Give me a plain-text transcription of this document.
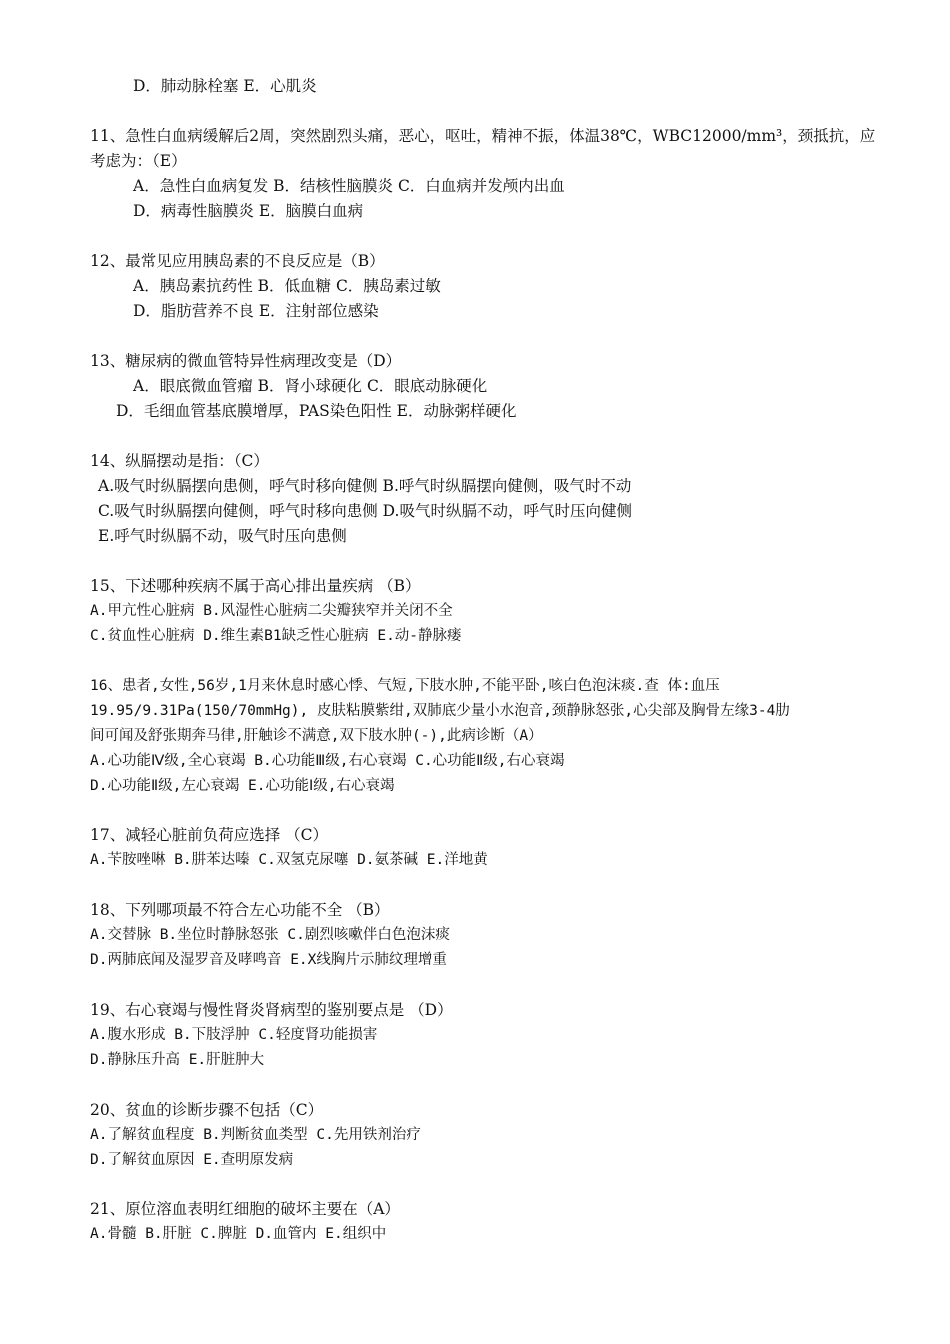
D．肺动脉栓塞 E．心肌炎
11、急性白血病缓解后2周，突然剧烈头痛，恶心，呕吐，精神不振，体温38℃，WBC12000/mm³，颈抵抗，应
考虑为：（E）
A．急性白血病复发 B．结核性脑膜炎 C．白血病并发颅内出血
D．病毒性脑膜炎 E．脑膜白血病
12、最常见应用胰岛素的不良反应是（B）
A．胰岛素抗药性 B．低血糖 C．胰岛素过敏
D．脂肪营养不良 E．注射部位感染
13、糖尿病的微血管特异性病理改变是（D）
A．眼底微血管瘤 B．肾小球硬化 C．眼底动脉硬化
D．毛细血管基底膜增厚，PAS染色阳性 E．动脉粥样硬化
14、纵膈摆动是指：（C）
A.吸气时纵膈摆向患侧，呼气时移向健侧 B.呼气时纵膈摆向健侧，吸气时不动
C.吸气时纵膈摆向健侧，呼气时移向患侧 D.吸气时纵膈不动，呼气时压向健侧
E.呼气时纵膈不动，吸气时压向患侧
15、下述哪种疾病不属于高心排出量疾病 （B）
A.甲亢性心脏病 B.风湿性心脏病二尖瓣狭窄并关闭不全
C.贫血性心脏病 D.维生素B1缺乏性心脏病 E.动-静脉瘘
16、患者,女性,56岁,1月来休息时感心悸、气短,下肢水肿,不能平卧,咳白色泡沫痰.查 体:血压
19.95/9.31Pa(150/70mmHg), 皮肤粘膜紫绀,双肺底少量小水泡音,颈静脉怒张,心尖部及胸骨左缘3-4肋
间可闻及舒张期奔马律,肝触诊不满意,双下肢水肿(-),此病诊断（A）
A.心功能Ⅳ级,全心衰竭 B.心功能Ⅲ级,右心衰竭 C.心功能Ⅱ级,右心衰竭
D.心功能Ⅱ级,左心衰竭 E.心功能Ⅰ级,右心衰竭
17、减轻心脏前负荷应选择 （C）
A.苄胺唑啉 B.肼苯达嗪 C.双氢克尿噻 D.氨茶碱 E.洋地黄
18、下列哪项最不符合左心功能不全 （B）
A.交替脉 B.坐位时静脉怒张 C.剧烈咳嗽伴白色泡沫痰
D.两肺底闻及湿罗音及哮鸣音 E.X线胸片示肺纹理增重
19、右心衰竭与慢性肾炎肾病型的鉴别要点是 （D）
A.腹水形成 B.下肢浮肿 C.轻度肾功能损害
D.静脉压升高 E.肝脏肿大
20、贫血的诊断步骤不包括（C）
A.了解贫血程度 B.判断贫血类型 C.先用铁剂治疗
D.了解贫血原因 E.查明原发病
21、原位溶血表明红细胞的破坏主要在（A）
A.骨髓 B.肝脏 C.脾脏 D.血管内 E.组织中
